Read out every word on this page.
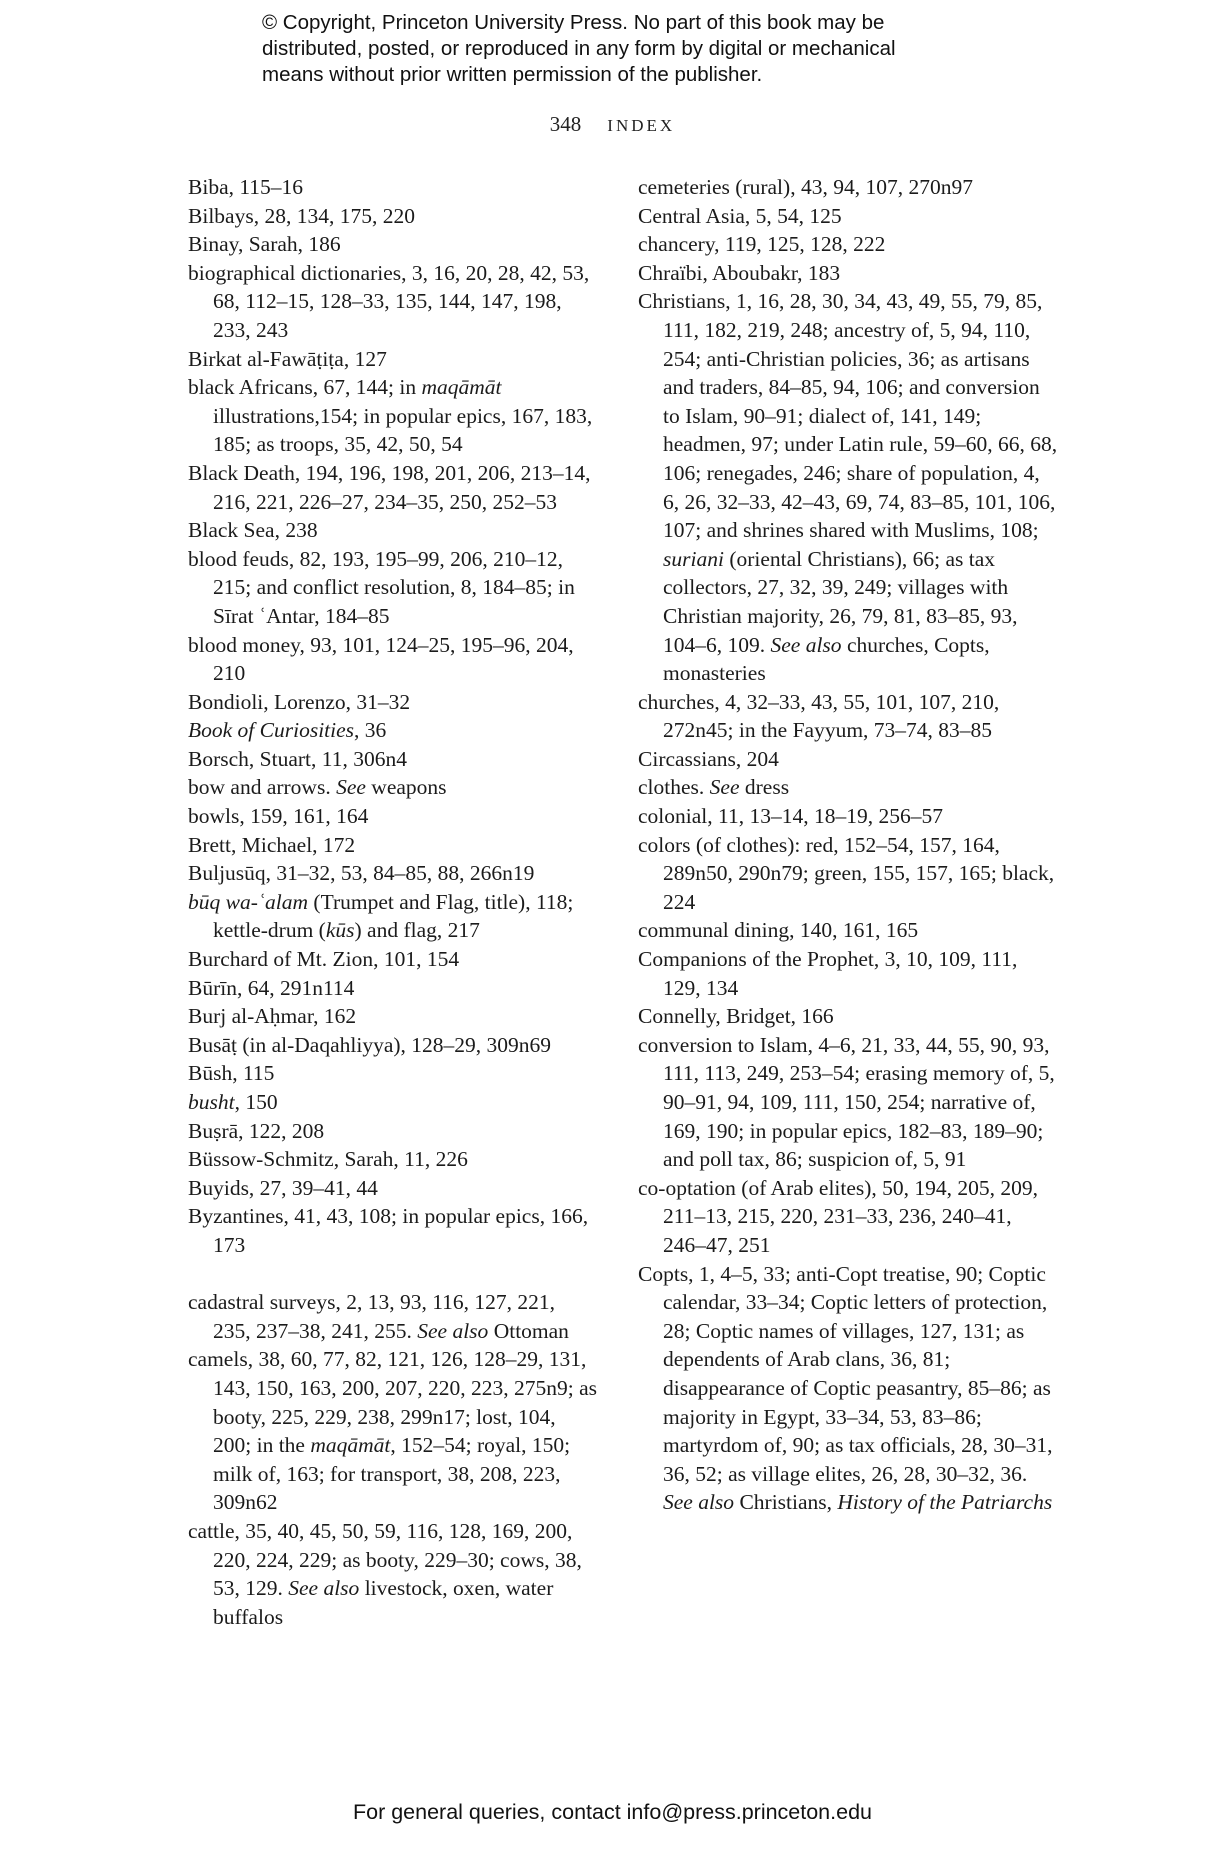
© Copyright, Princeton University Press. No part of this book may be
distributed, posted, or reproduced in any form by digital or mechanical
means without prior written permission of the publisher.
348 INDEX

Biba, 115–16

Bilbays, 28, 134, 175, 220

Binay, Sarah, 186

biographical dictionaries, 3, 16, 20, 28, 42, 53, 68, 112–15, 128–33, 135, 144, 147, 198, 233, 243

Birkat al-Fawāṭiṭa, 127

black Africans, 67, 144; in maqāmāt illustrations,154; in popular epics, 167, 183, 185; as troops, 35, 42, 50, 54

Black Death, 194, 196, 198, 201, 206, 213–14, 216, 221, 226–27, 234–35, 250, 252–53

Black Sea, 238

blood feuds, 82, 193, 195–99, 206, 210–12, 215; and conflict resolution, 8, 184–85; in Sīrat ʿAntar, 184–85

blood money, 93, 101, 124–25, 195–96, 204, 210

Bondioli, Lorenzo, 31–32

Book of Curiosities, 36

Borsch, Stuart, 11, 306n4

bow and arrows. See weapons

bowls, 159, 161, 164

Brett, Michael, 172

Buljusūq, 31–32, 53, 84–85, 88, 266n19

būq wa-ʿalam (Trumpet and Flag, title), 118; kettle-drum (kūs) and flag, 217

Burchard of Mt. Zion, 101, 154

Būrīn, 64, 291n114

Burj al-Aḥmar, 162

Busāṭ (in al-Daqahliyya), 128–29, 309n69

Būsh, 115

busht, 150

Buṣrā, 122, 208

Büssow-Schmitz, Sarah, 11, 226

Buyids, 27, 39–41, 44

Byzantines, 41, 43, 108; in popular epics, 166, 173

cadastral surveys, 2, 13, 93, 116, 127, 221, 235, 237–38, 241, 255. See also Ottoman

camels, 38, 60, 77, 82, 121, 126, 128–29, 131, 143, 150, 163, 200, 207, 220, 223, 275n9; as booty, 225, 229, 238, 299n17; lost, 104, 200; in the maqāmāt, 152–54; royal, 150; milk of, 163; for transport, 38, 208, 223, 309n62

cattle, 35, 40, 45, 50, 59, 116, 128, 169, 200, 220, 224, 229; as booty, 229–30; cows, 38, 53, 129. See also livestock, oxen, water buffalos

cemeteries (rural), 43, 94, 107, 270n97

Central Asia, 5, 54, 125

chancery, 119, 125, 128, 222

Chraïbi, Aboubakr, 183

Christians, 1, 16, 28, 30, 34, 43, 49, 55, 79, 85, 111, 182, 219, 248; ancestry of, 5, 94, 110, 254; anti-Christian policies, 36; as artisans and traders, 84–85, 94, 106; and conversion to Islam, 90–91; dialect of, 141, 149; headmen, 97; under Latin rule, 59–60, 66, 68, 106; renegades, 246; share of population, 4, 6, 26, 32–33, 42–43, 69, 74, 83–85, 101, 106, 107; and shrines shared with Muslims, 108; suriani (oriental Christians), 66; as tax collectors, 27, 32, 39, 249; villages with Christian majority, 26, 79, 81, 83–85, 93, 104–6, 109. See also churches, Copts, monasteries

churches, 4, 32–33, 43, 55, 101, 107, 210, 272n45; in the Fayyum, 73–74, 83–85

Circassians, 204

clothes. See dress

colonial, 11, 13–14, 18–19, 256–57

colors (of clothes): red, 152–54, 157, 164, 289n50, 290n79; green, 155, 157, 165; black, 224

communal dining, 140, 161, 165

Companions of the Prophet, 3, 10, 109, 111, 129, 134

Connelly, Bridget, 166

conversion to Islam, 4–6, 21, 33, 44, 55, 90, 93, 111, 113, 249, 253–54; erasing memory of, 5, 90–91, 94, 109, 111, 150, 254; narrative of, 169, 190; in popular epics, 182–83, 189–90; and poll tax, 86; suspicion of, 5, 91

co-optation (of Arab elites), 50, 194, 205, 209, 211–13, 215, 220, 231–33, 236, 240–41, 246–47, 251

Copts, 1, 4–5, 33; anti-Copt treatise, 90; Coptic calendar, 33–34; Coptic letters of protection, 28; Coptic names of villages, 127, 131; as dependents of Arab clans, 36, 81; disappearance of Coptic peasantry, 85–86; as majority in Egypt, 33–34, 53, 83–86; martyrdom of, 90; as tax officials, 28, 30–31, 36, 52; as village elites, 26, 28, 30–32, 36. See also Christians, History of the Patriarchs

For general queries, contact info@press.princeton.edu
